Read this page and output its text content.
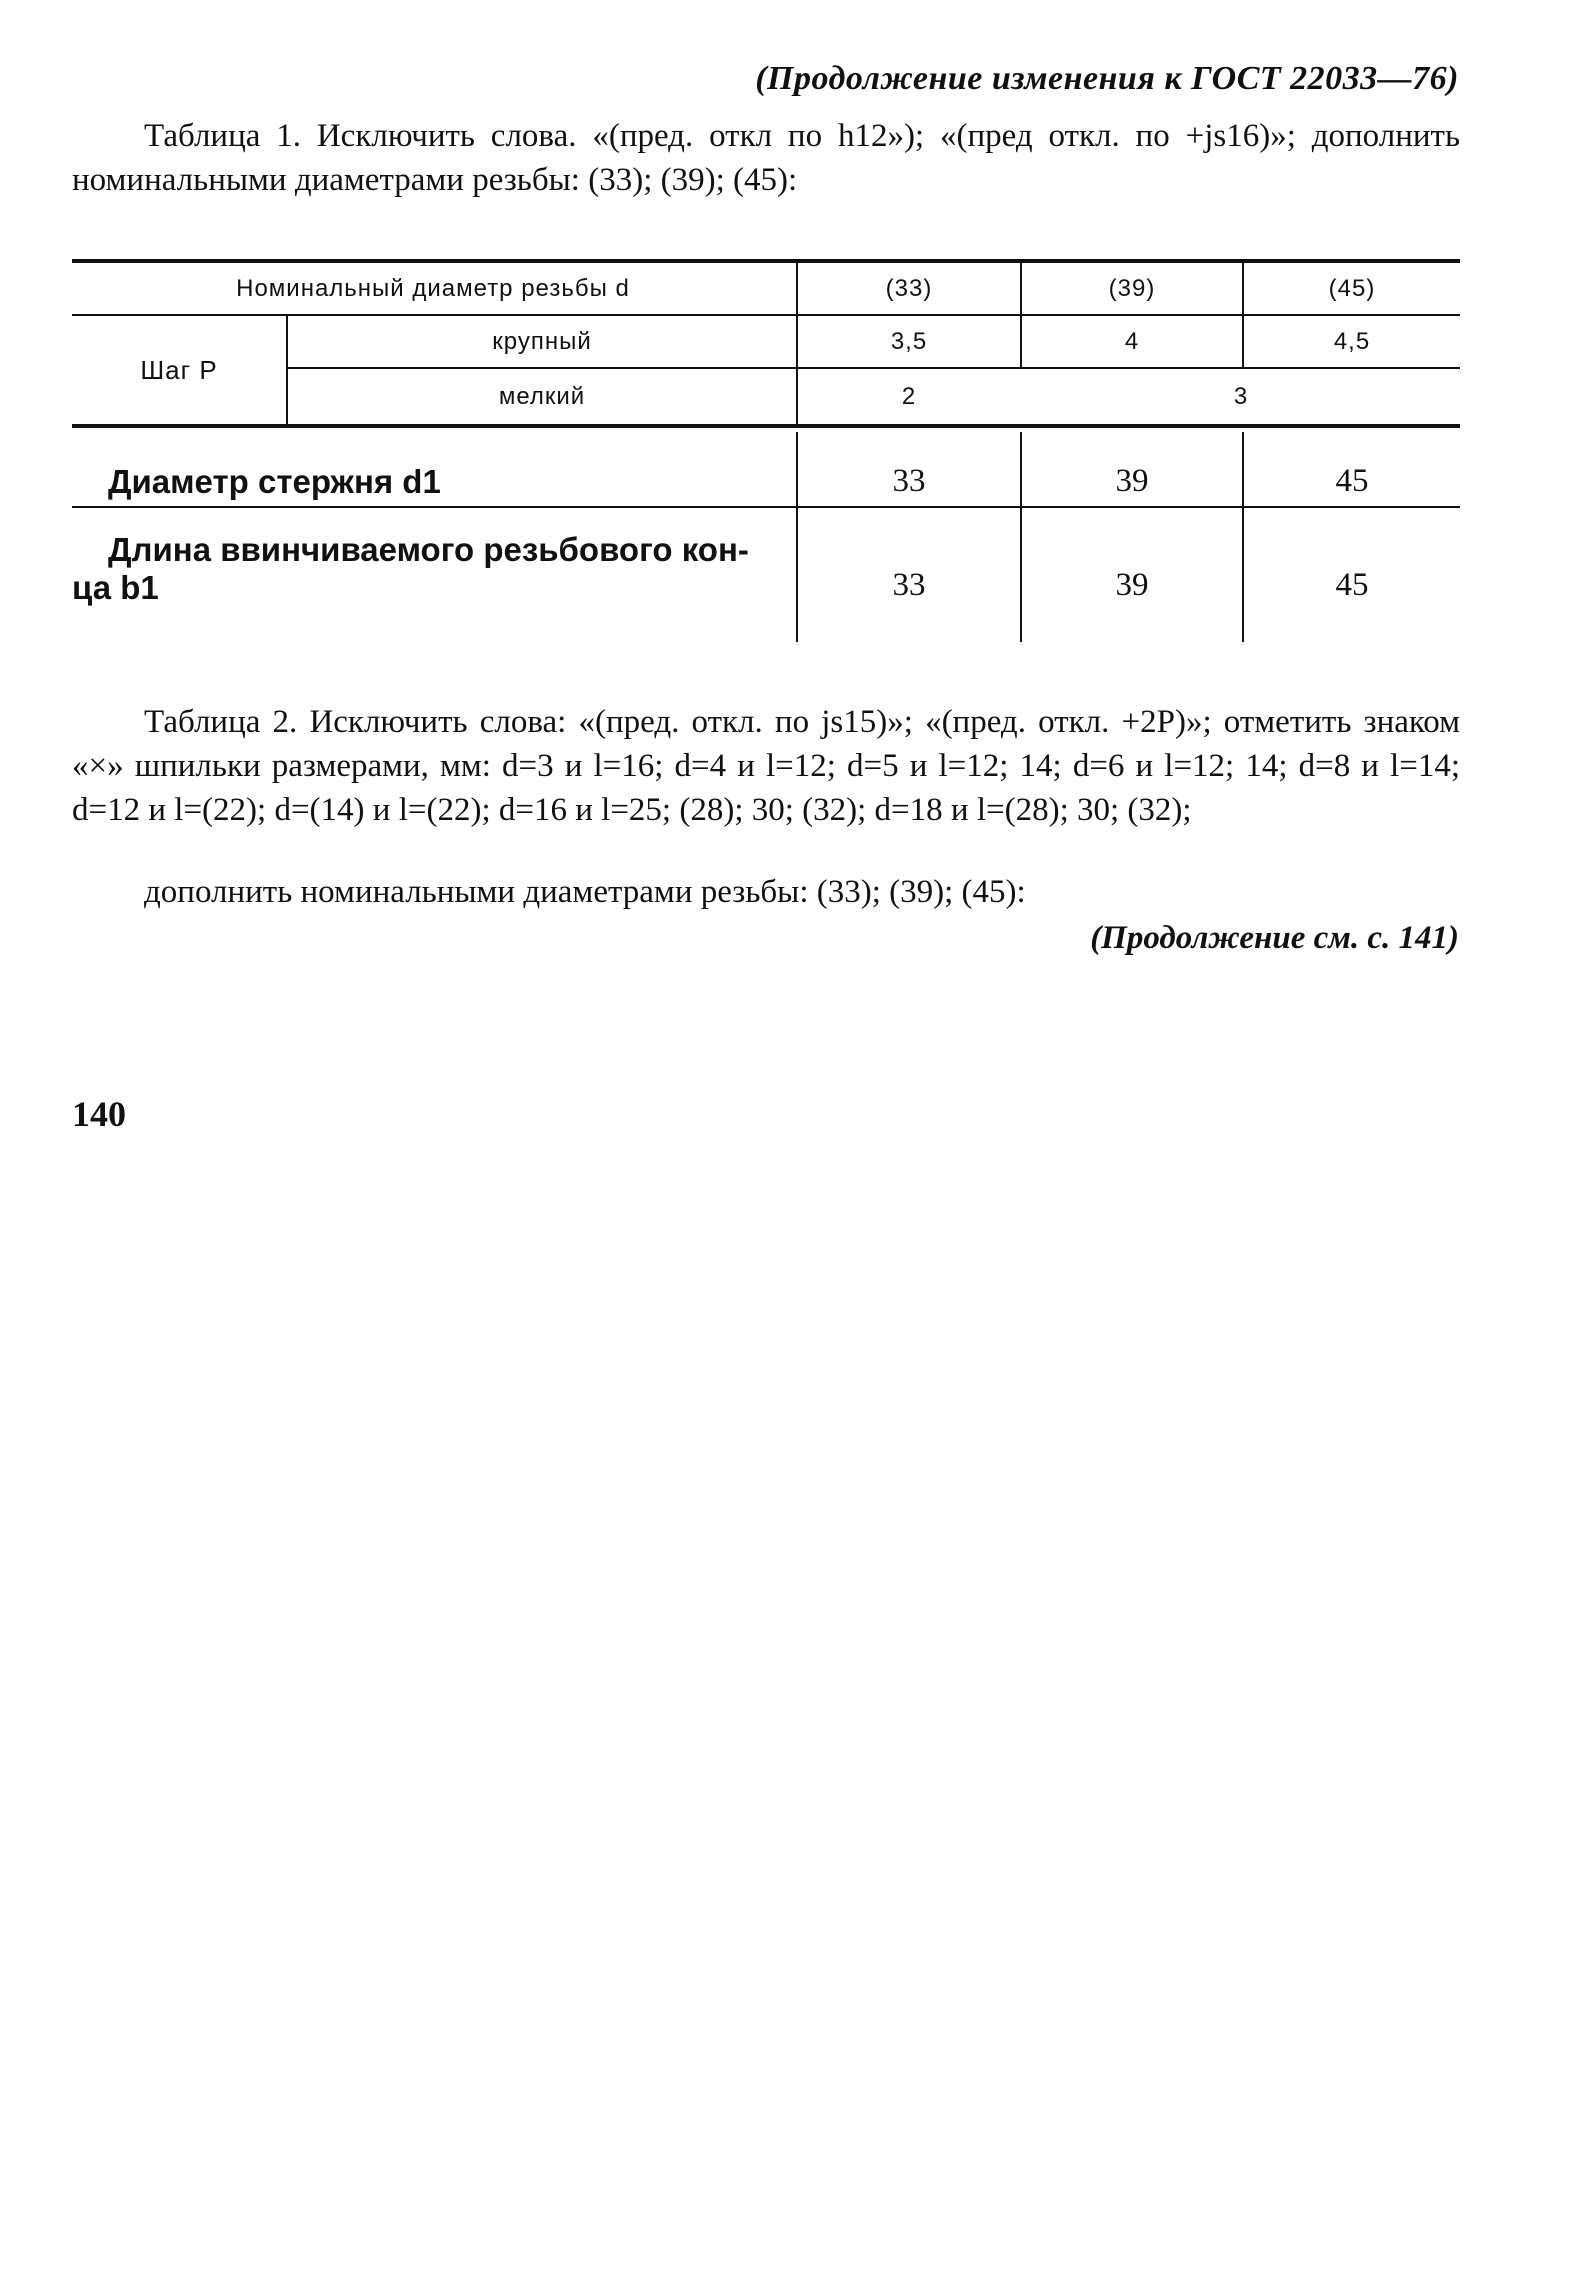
(Продолжение изменения к ГОСТ 22033—76)
Таблица 1. Исключить слова. «(пред. откл по h12»); «(пред откл. по +js16)»; дополнить номинальными диаметрами резьбы: (33); (39); (45):
Номинальный диаметр резьбы d	(33)	(39)	(45)
Шаг P
крупный	3,5	4	4,5
мелкий	2	3
Диаметр стержня d1	33	39	45
Длина ввинчиваемого резьбового кон-
ца b1	33	39	45
Таблица 2. Исключить слова: «(пред. откл. по js15)»; «(пред. откл. +2Р)»; отметить знаком «×» шпильки размерами, мм: d=3 и l=16; d=4 и l=12; d=5 и l=12; 14; d=6 и l=12; 14; d=8 и l=14; d=12 и l=(22); d=(14) и l=(22); d=16 и l=25; (28); 30; (32); d=18 и l=(28); 30; (32);
дополнить номинальными диаметрами резьбы: (33); (39); (45):
(Продолжение см. с. 141)
140
